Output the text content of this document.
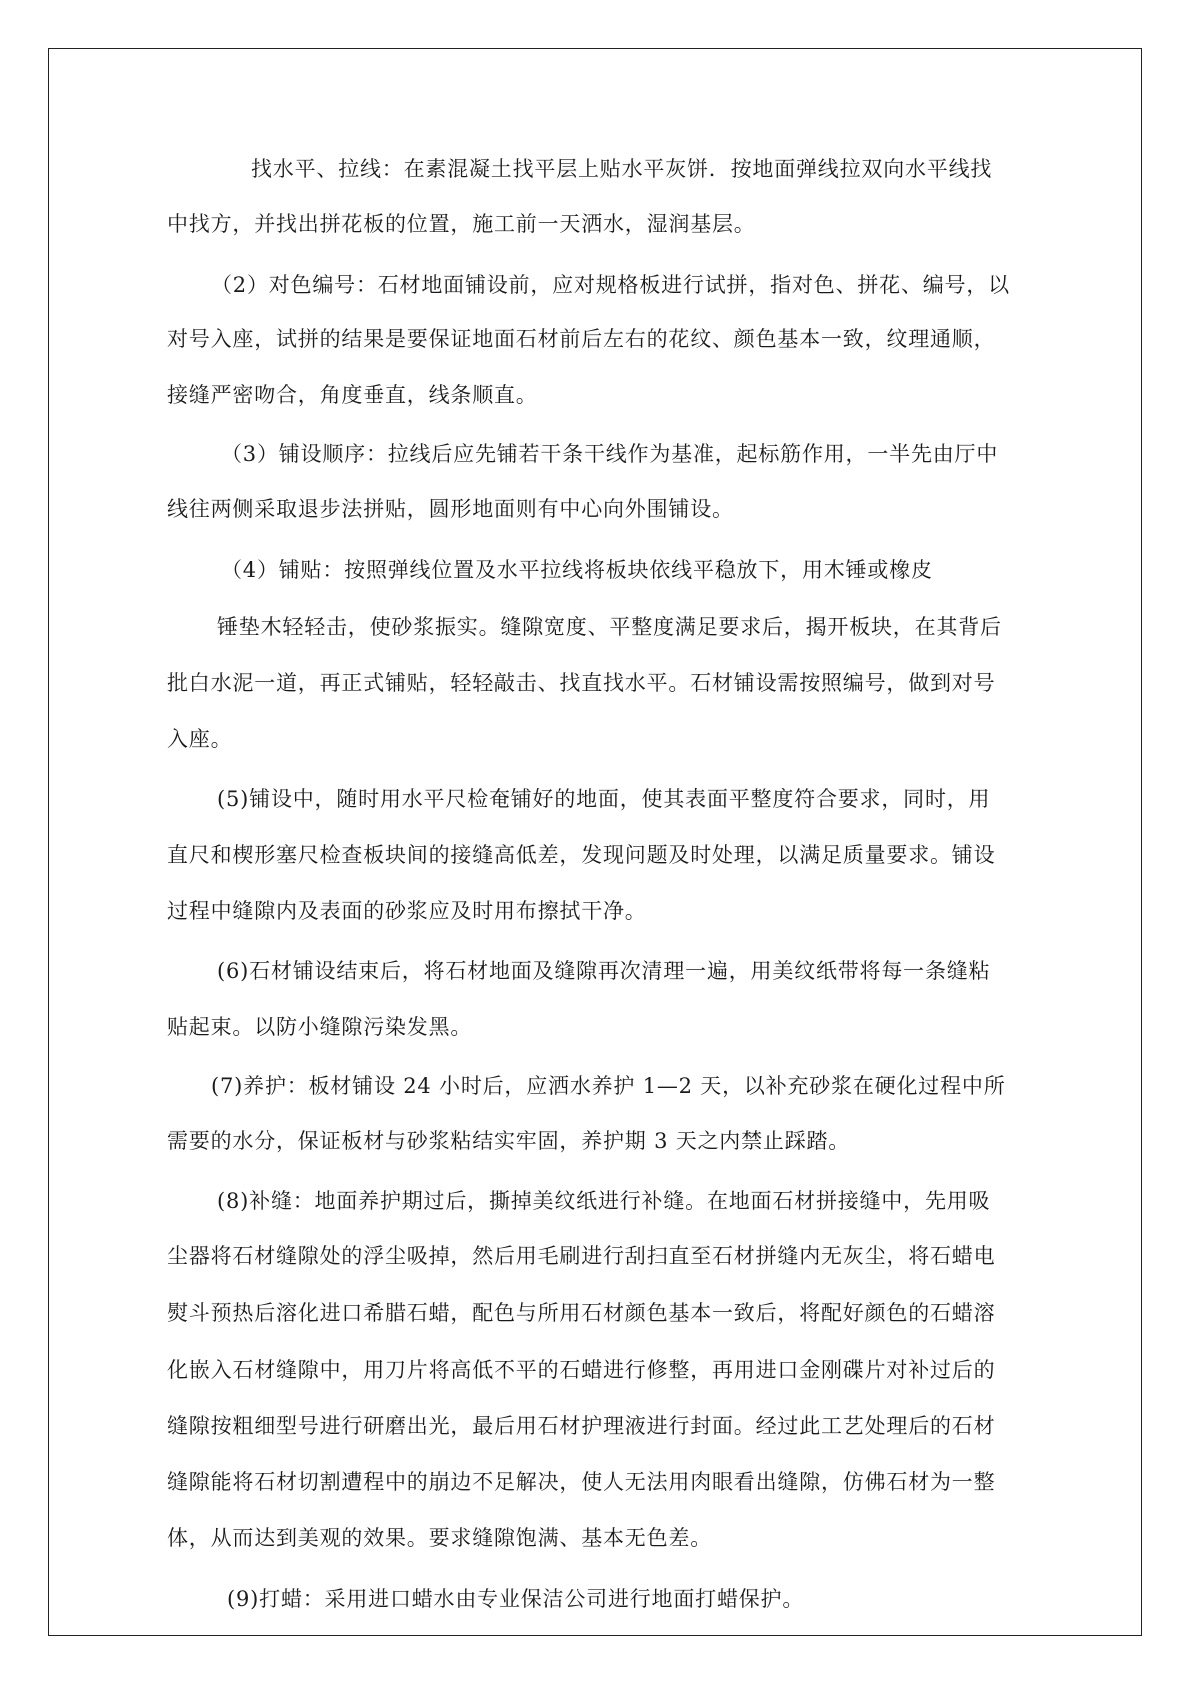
找水平、拉线：在素混凝土找平层上贴水平灰饼．按地面弹线拉双向水平线找
中找方，并找出拼花板的位置，施工前一天洒水，湿润基层。
（2）对色编号：石材地面铺设前，应对规格板进行试拼，指对色、拼花、编号，以
对号入座，试拼的结果是要保证地面石材前后左右的花纹、颜色基本一致，纹理通顺，
接缝严密吻合，角度垂直，线条顺直。
（3）铺设顺序：拉线后应先铺若干条干线作为基准，起标筋作用，一半先由厅中
线往两侧采取退步法拼贴，圆形地面则有中心向外围铺设。
（4）铺贴：按照弹线位置及水平拉线将板块依线平稳放下，用木锤或橡皮
锤垫木轻轻击，使砂浆振实。缝隙宽度、平整度满足要求后，揭开板块，在其背后
批白水泥一道，再正式铺贴，轻轻敲击、找直找水平。石材铺设需按照编号，做到对号
入座。
(5)铺设中，随时用水平尺检奄铺好的地面，使其表面平整度符合要求，同时，用
直尺和楔形塞尺检查板块间的接缝高低差，发现问题及时处理，以满足质量要求。铺设
过程中缝隙内及表面的砂浆应及时用布擦拭干净。
(6)石材铺设结束后，将石材地面及缝隙再次清理一遍，用美纹纸带将每一条缝粘
贴起束。以防小缝隙污染发黑。
(7)养护：板材铺设 24 小时后，应洒水养护 1—2 天，以补充砂浆在硬化过程中所
需要的水分，保证板材与砂浆粘结实牢固，养护期 3 天之内禁止踩踏。
(8)补缝：地面养护期过后，撕掉美纹纸进行补缝。在地面石材拼接缝中，先用吸
尘器将石材缝隙处的浮尘吸掉，然后用毛刷进行刮扫直至石材拼缝内无灰尘，将石蜡电
熨斗预热后溶化进口希腊石蜡，配色与所用石材颜色基本一致后，将配好颜色的石蜡溶
化嵌入石材缝隙中，用刀片将高低不平的石蜡进行修整，再用进口金刚碟片对补过后的
缝隙按粗细型号进行研磨出光，最后用石材护理液进行封面。经过此工艺处理后的石材
缝隙能将石材切割遭程中的崩边不足解决，使人无法用肉眼看出缝隙，仿佛石材为一整
体，从而达到美观的效果。要求缝隙饱满、基本无色差。
(9)打蜡：采用进口蜡水由专业保洁公司进行地面打蜡保护。
